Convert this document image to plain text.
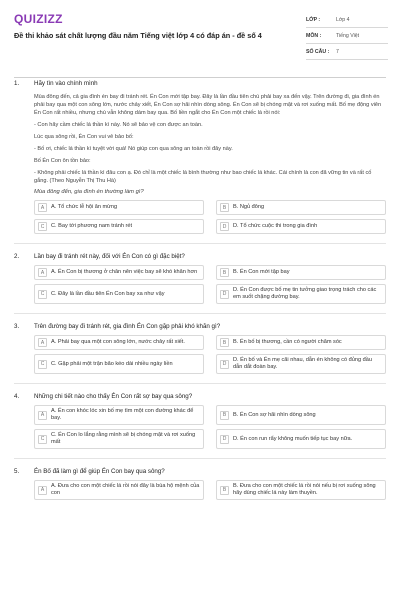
QUIZIZZ
Đề thi khảo sát chất lượng đầu năm Tiếng việt lớp 4 có đáp án - đề số 4
LỚP :	Lớp 4
MÔN :	Tiếng Việt
SỐ CÂU :	7
1.	Hãy tìn vào chính mình

Mùa đông đến, cả gia đình én bay đi tránh rét. Én Con mới tập bay. Đây là lần đầu tiên chú phải bay xa đến vậy. Trên đường đi, gia đình én phải bay qua một con sông lớn, nước chảy xiết, Én Con sợ hãi nhìn dòng sông. Én Con sẽ bị chóng mặt và rơi xuống mất. Bố mẹ động viên Én Con rất nhiều, nhưng chú vẫn không dám bay qua. Bố liền ngắt cho Én Con một chiếc lá rồi nói:

- Con hãy cầm chiếc lá thần kì này. Nó sẽ bảo vệ con được an toàn.

Lúc qua sông rồi, Én Con vui vẻ bảo bố:

- Bố ơi, chiếc lá thần kì tuyệt vời quá! Nó giúp con qua sông an toàn rồi đây này.

Bố Én Con ôn tồn bảo:

- Không phải chiếc lá thần kì đâu con ạ. Đó chỉ là một chiếc lá bình thường như bao chiếc lá khác. Cái chính là con đã vững tin và rất cố gắng. (Theo Nguyễn Thị Thu Hà)

Mùa đông đến, gia đình én thường làm gì?
A	A. Tổ chức lễ hội ăn mừng	B	B. Ngủ đông
C	C. Bay tới phương nam tránh rét	D	D. Tổ chức cuộc thi trong gia đình
2.	Lần bay đi tránh rét này, đối với Én Con có gì đặc biệt?
A	A. Én Con bị thương ở chân nên việc bay sẽ khó khăn hơn	B	B. Én Con mới tập bay
C	C. Đây là lần đầu tiên Én Con bay xa như vậy	D
D. Én Con được bố mẹ tin tưởng giao trọng trách cho các em suốt chặng đường bay.
3.	Trên đường bay đi tránh rét, gia đình Én Con gặp phải khó khăn gì?
A	A. Phải bay qua một con sông lớn, nước chảy rất xiết.	B	B. Én bố bị thương, cần có người chăm sóc
C	C. Gặp phải một trận bão kéo dài nhiều ngày liền	D
D. Én bố và Én mẹ cãi nhau, dẫn én không có đủng đầu dẫn dắt đoàn bay.
4.	Những chi tiết nào cho thấy Én Con rất sợ bay qua sông?
A
A. Én con khóc lóc xin bố mẹ tìm một con đường khác để bay.	B	B. Én Con sợ hãi nhìn dòng sông
C
C. Én Con lo lắng rằng mình sẽ bị chóng mặt và rơi xuống mất	D	D. Én con run rẩy không muốn tiếp tục bay nữa.
5.	Én Bố đã làm gì để giúp Én Con bay qua sông?
A
A. Đưa cho con một chiếc lá rồi nói đây là bùa hộ mệnh của con	B
B. Đưa cho con một chiếc lá rồi nói nếu bị rơi xuống sông hãy dùng chiếc lá này làm thuyền.
